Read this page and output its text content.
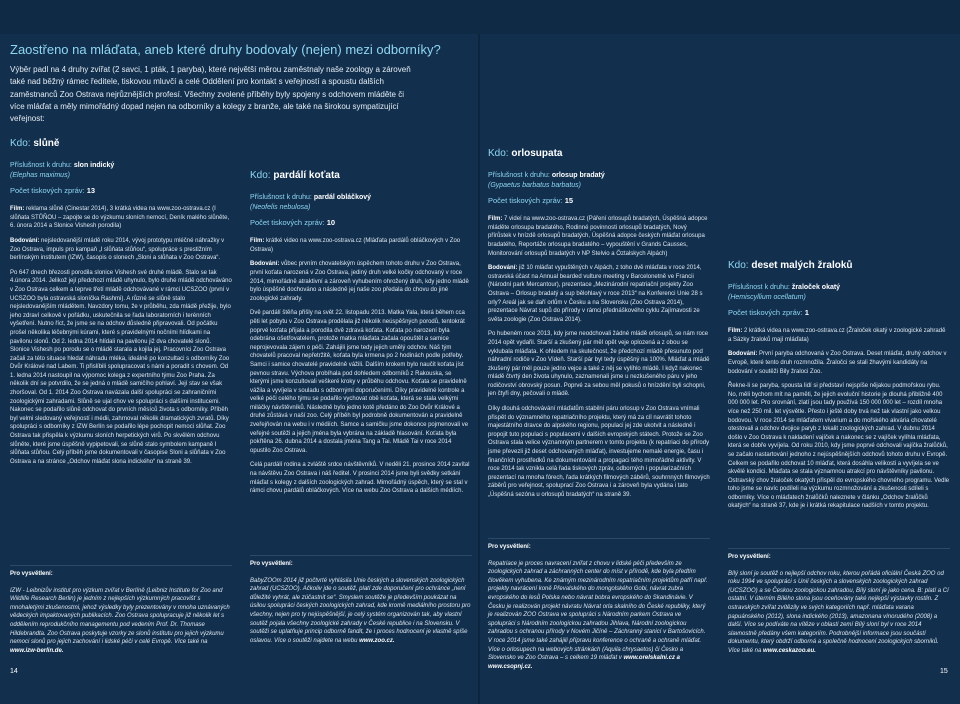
Zaostřeno na mláďata, aneb které druhy bodovaly (nejen) mezi odborníky?

Výběr padl na 4 druhy zvířat (2 savci, 1 pták, 1 paryba), které největší měrou zaměstnaly naše zoology a zároveň také nad běžný rámec ředitele, tiskovou mluvčí a celé Oddělení pro kontakt s veřejností a spoustu dalších zaměstnanců Zoo Ostrava nejrůznějších profesí. Všechny zvolené příběhy byly spojeny s odchovem mláděte či více mláďat a měly mimořádný dopad nejen na odborníky a kolegy z branže, ale také na širokou sympatizující veřejnost:

Kdo: slůně
Příslušnost k druhu: slon indický
(Elephas maximus)
Počet tiskových zpráv: 13

Film: reklama slůně (Cinestar 2014), 3 krátká videa na www.zoo-ostrava.cz (I slůňata STŮŇOU – zapojte se do výzkumu sloních nemocí, Deník malého slůněte, 6. února 2014 a Slonice Vishesh porodila)

Bodování: nejsledovanější mládě roku 2014, vývoj prototypu mléčné náhražky v Zoo Ostrava, impuls pro kampaň „I slůňata stůňou“, spolupráce s prestižním berlínským institutem (IZW), časopis o slonech „Sloni a slůňata v Zoo Ostrava“.

Po 647 dnech březosti porodila slonice Vishesh své druhé mládě. Stalo se tak 4.února 2014. Jelikož její předchozí mládě uhynulo, bylo druhé mládě odchováváno v Zoo Ostrava celkem a teprve třetí mládě odchovávané v rámci UCSZOO (první v UCSZOO byla ostravská sloníčka Rashmi). A různé se slůně stalo nejsledovanějším mládětem. Navzdory tomu, že v průběhu, zda mládě přežije, bylo jeho zdraví celkově v pořádku, uskutečnila se řada laboratorních i terénních vyšetření. Nutno říct, že jsme se na odchov důsledně připravovali. Od počátku prošel několika léčebnými kúrami, které s pravidelnými nočními hlídkami na pavilonu slonů. Od 2. ledna 2014 hlídali na pavilonu již dva chovatelé slonů. Slonice Vishesh po porodu se o mládě starala a kojila jej. Pracovníci Zoo Ostrava začali za této situace hledat náhradu mléka, ideálně po konzultaci s odborníky Zoo Dvůr Králové nad Labem. Ti přislíbili spolupracovat s námi a poradit s chovem. Od 1. ledna 2014 nastoupil na výpomoc kolega z expertního týmu Zoo Praha. Za několik dní se potvrdilo, že se jedná o mládě samičího pohlaví. Její stav se však zhoršoval. Od 1. 2014 Zoo Ostrava navázala další spolupráci se zahraničními zoologickými zahradami. Slůně se ujal chov ve spolupráci s dalšími institucemi. Nakonec se podařilo slůně odchovat do prvních měsíců života s odborníky. Příběh byl velmi sledovaný veřejností i médii, zahrnoval několik dramatických zvratů. Díky spolupráci s odborníky z IZW Berlín se podařilo lépe pochopit nemoci slůňat. Zoo Ostrava tak přispěla k výzkumu sloních herpetických virů. Po skvělém odchovu slůněte, které jsme úspěšně vypipetovali, se slůně stalo symbolem kampaně I slůňata stůňou. Celý příběh jsme dokumentovali v časopise Sloni a slůňata v Zoo Ostrava a na stránce „Odchov mláďat slona indického“ na straně 39.

Pro vysvětlení:

IZW - Leibnizův institut pro výzkum zvířat v Berlíně (Leibniz Institute for Zoo and Wildlife Research Berlin) je jedním z nejlepších výzkumných pracovišť s mnohaletými zkušenostmi, jehož výsledky byly prezentovány v mnoha uznávaných vědeckých impaktovaných publikacích. Zoo Ostrava spolupracuje již několik let s oddělením reprodukčního managementu pod vedením Prof. Dr. Thomase Hildebrandta. Zoo Ostrava poskytuje vzorky ze slonů institutu pro jejich výzkumu nemoci slonů pro jejich zachování i lidské péči v celé Evropě. Více také na www.izw-berlin.de.

Kdo: pardálí koťata
Příslušnost k druhu: pardál obláčkový
(Neofelis nebulosa)
Počet tiskových zpráv: 10

Film: krátké video na www.zoo-ostrava.cz (Mláďata pardálů obláčkových v Zoo Ostrava)

Bodování: vůbec prvním chovatelským úspěchem tohoto druhu v Zoo Ostrava, první koťata narozená v Zoo Ostrava, jediný druh velké kočky odchovaný v roce 2014, mimořádně atraktivní a zároveň vyhubením ohrožený druh, kdy jedno mládě bylo úspěšně dochováno a následně jej naše zoo předala do chovu do jiné zoologické zahrady.

Dvě pardálí štěňa přišly na svět 22. listopadu 2013. Matka Yala, která během cca pěti let pobytu v Zoo Ostrava prodělala již několik neúspěšných porodů, tentokrát poprvé koťata přijala a porodila dvě zdravá koťata. Koťata po narození byla odebrána ošetřovatelem, protože matka mláďata začala opouštět a samice neprojevovala zájem o péči. Zahájili jsme tedy jejich umělý odchov. Náš tým chovatelů pracoval nepřetržitě, koťata byla krmena po 2 hodinách podle potřeby. Samci i samice chovatelé pravidelně vážili. Dalším krokem bylo naučit koťata jíst pevnou stravu. Výchova probíhala pod dohledem odborníků z Rakouska, se kterými jsme konzultovali veškeré kroky v průběhu odchovu. Koťata se pravidelně vážila a vyvíjela v souladu s odbornými doporučeními. Díky pravidelné kontrole a velké péči celého týmu se podařilo vychovat obě koťata, která se stala velkými miláčky návštěvníků. Následně bylo jedno kotě předáno do Zoo Dvůr Králové a druhé zůstává v naší zoo. Celý příběh byl podrobně dokumentován a pravidelně zveřejňován na webu i v médiích. Samce a samičku jsme dokonce pojmenovali ve veřejné soutěži a jejich jména byla vybrána na základě hlasování. Koťata byla pokřtěna 26. dubna 2014 a dostala jména Tang a Tai. Mládě Tai v roce 2014 opustilo Zoo Ostrava.

Celá pardálí rodina a zvláště srdce návštěvníků. V neděli 21. prosince 2014 zavítal na návštěvu Zoo Ostrava i náš ředitel. V prosinci 2014 jsme byli svědky setkání mláďat s kolegy z dalších zoologických zahrad. Mimořádný úspěch, který se stal v rámci chovu pardálů obláčkových. Více na webu Zoo Ostrava a dalších médiích.

Pro vysvětlení:

BabyZOOm 2014 již počtvrté vyhlásila Unie českých a slovenských zoologických zahrad (UCSZOO). Ačkoliv jde o soutěž, platí zde doporučení pro ochránce „není důležité vyhrát, ale zúčastnit se“. Smyslem soutěže je především poukázat na úsilou spolupráci českých zoologických zahrad, kde kromě mediálního prostoru pro všechny, nejen pro ty nejúspěšnější, je celý systém organizován tak, aby vlastní soutěž pojala všechny zoologické zahrady v České republice i na Slovensku. V soutěži se uplatňuje princip odborně fandit, že i proces hodnocení je vlastně spíše oslavou. Více o soutěži najdete na webu www.zoo.cz.

Kdo: orlosupata
Příslušnost k druhu: orlosup bradatý
(Gypaetus barbatus barbatus)
Počet tiskových zpráv: 15

Film: 7 videí na www.zoo-ostrava.cz (Páření orlosupů bradatých, Úspěšná adopce mláděte orlosupa bradatého, Rodinné povinnosti orlosupů bradatých, Nový přírůstek v hnízdě orlosupů bradatých, Úspěšná adopce českých mláďat orlosupa bradatého, Reportáže orlosupa bradatého – vypouštění v Grands Causses, Monitorování orlosupů bradatých v NP Stelvio a Öztalskych Alpách)

Bodování: již 10 mláďat vypuštěných v Alpách, z toho dvě mláďata v roce 2014, ostravská účast na Annual bearded vulture meeting v Barcelonetně ve Francii (Národní park Mercantour), prezentace „Mezinárodní repatriační projekty Zoo Ostrava – Orlosup bradatý a sup bělohlavý v roce 2013“ na Konferenci Unie 28 s orly? Areál jak se daří orlům v Česku a na Slovensku (Zoo Ostrava 2014), prezentace Návrat supů do přírody v rámci přednáškového cyklu Zajímavosti ze světa zoologie (Zoo Ostrava 2014).

Po hubeném roce 2013, kdy jsme neodchovali žádné mládě orlosupů, se nám roce 2014 opět vydařil. Starší a zkušený pár měl opět veje oplozená a z obou se vyklubala mláďata. K ohledem na skutečnost, že předchozí mládě přesunuto pod náhradní rodiče v Zoo Vídeň. Starší pár byl tedy úspěšný na 100%. Mláďat a mládě zkušený pár měl pouze jedno vejce a také z něj se vylíhlo mládě. I když nakonec mládě čtvrtý den života uhynulo, zaznamenali jsme u nezkušeného páru v jeho rodičovství obrovský posun. Poprvé za sebou měl pokusů o hnízdění byli schopni, jen čtyři dny, pečovali o mládě.

Díky dlouhá odchovávání mláďatům stabilní páru orlosup v Zoo Ostrava vnímali přispět do významného repatriačního projektu, který má za cíl navrátit tohoto majestátního dravce do alpského regionu, populaci jej zde ukotvit a následně i propojit tuto populaci s populacemi v dalších evropských státech. Protože se Zoo Ostrava stala velice významným partnerem v tomto projektu (k repatriaci do přírody jsme převezli již deset odchovaných mláďat), investujeme nemalé energie, času i finančních prostředků na dokumentování a propagaci tého mimořádné aktivity. V roce 2014 tak vznikla celá řada tiskových zpráv, odborných i popularizačních prezentací na mnoha fórech, řada krátkých filmových záběrů, souhrnných filmových záběrů pro veřejnost, spoluprací Zoo Ostrava i a zároveň byla vydána i tato „Úspěšná sezóna u orlosupů bradatých“ na straně 39.

Pro vysvětlení:

Repatriace je proces navracení zvířat z chovu v lidské péči především ze zoologických zahrad a záchranných center do míst v přírodě, kde byla předtím člověkem vyhubena. Ke známým mezinárodním repatriačním projektům patří např. projekty navrácení koně Převalského do mongolského Gobi, návrat zubra evropského do lesů Polska nebo návrat bobra evropského do Skandinávie. V Česku je realizován projekt návratu Návrat orla skalního do České republiky, který je realizován ZOO Ostrava ve spolupráci s Národním parkem Ostrava ve spolupráci s Národním zoologickou zahradou Jihlava, Národní zoologickou zahradou s ochranou přírody v Novém Jičíně – Záchranný stanicí v Bartošovicích. V roce 2014 jsme také zahájili přípravu konference o ochraně a ochraně mláďat. Více o orlosupech na webových stránkách (Aquila chrysaetos) či Česko a Slovensko ve Zoo Ostrava – s celkem 19 mláďat v www.orelskalni.cz a www.csopnj.cz.

Kdo: deset malých žraloků
Příslušnost k druhu: žraloček okatý
(Hemiscyllium ocellatum)
Počet tiskových zpráv: 1

Film: 2 krátká videa na www.zoo-ostrava.cz (Žraloček okatý v zoologické zahradě a Sázky žraloků mají mláďata)

Bodování: První paryba odchovaná v Zoo Ostrava. Deset mláďat, druhý odchov v Evropě, které tento druh rozmnožila. Žraločci se stali žhavými kandidáty na bodování v soutěži Bily žraloci Zoo.

Řekne-li se paryba, spousta lidí si představí nejspíše nějakou podmořskou rybu. No, měli bychom mít na paměti, že jejich evoluční historie je dlouhá přibližně 400 000 000 let. Pro srovnání, zlatí jsou tady používá 150 000 000 let – rozdíl mnoha více než 250 mil. let výsvětle. Přesto i ještě doby trvá než tak vlastní jako velkou bodovou. V roce 2014 se mláďatem vivarium a do mořského akvária chovatelé otestovali a odchov dvojice paryb z lokalit zoologických zahrad. V dubnu 2014 došlo v Zoo Ostrava k nakladení vajíček a nakonec se z vajíček vylíhla mláďata, která se dobře vyvíjela. Od roku 2010, kdy jsme poprvé odchovali vajíčka žralůčků, se začalo nastartování jednoho z nejúspěšnějších odchovů tohoto druhu v Evropě. Celkem se podařilo odchovat 10 mláďat, která dosáhla velikosti a vyvíjela se ve skvělé kondici. Mláďata se stala významnou atrakcí pro návštěvníky pavilonu. Ostravský chov žraloček okatých přispěl do evropského chovného programu. Vedle toho jsme se navíc podíleli na výzkumu rozmnožování a zkušenosti sdíleli s odborníky. Více o mláďatech žralůčků naleznete v článku „Odchov žralůčků okatých“ na straně 37, kde je i krátká rekapitulace nadších v tomto projektu.

Pro vysvětlení:

Bílý sloní je soutěž o nejlepší odchov roku, kterou pořádá oficiální Česká ZOO od roku 1994 ve spolupráci s Unií českých a slovenských zoologických zahrad (UCSZOO) a se Českou zoologickou zahradou, Bílý sloní je jako cena. B: platí a Cí ostatní. V úterním Bílého slona jsou oceňovány také nejlepší výstavky rostlin. Z ostravských zvířat zvítězily ve svých kategoriích např. mláďata varana papuánského (2012), slona indického (2013), amazonana vínorudého (2008) a další. Více se podíváte na vítěze v oblasti zemí Bílý sloní byl v roce 2014 slavnostně předány všem kategoriím. Podrobnější informace jsou součástí dokumentu, který obdrží odborná a společně hodnocení zoologických sborníků. Více také na www.ceskazoo.eu.

14	15
